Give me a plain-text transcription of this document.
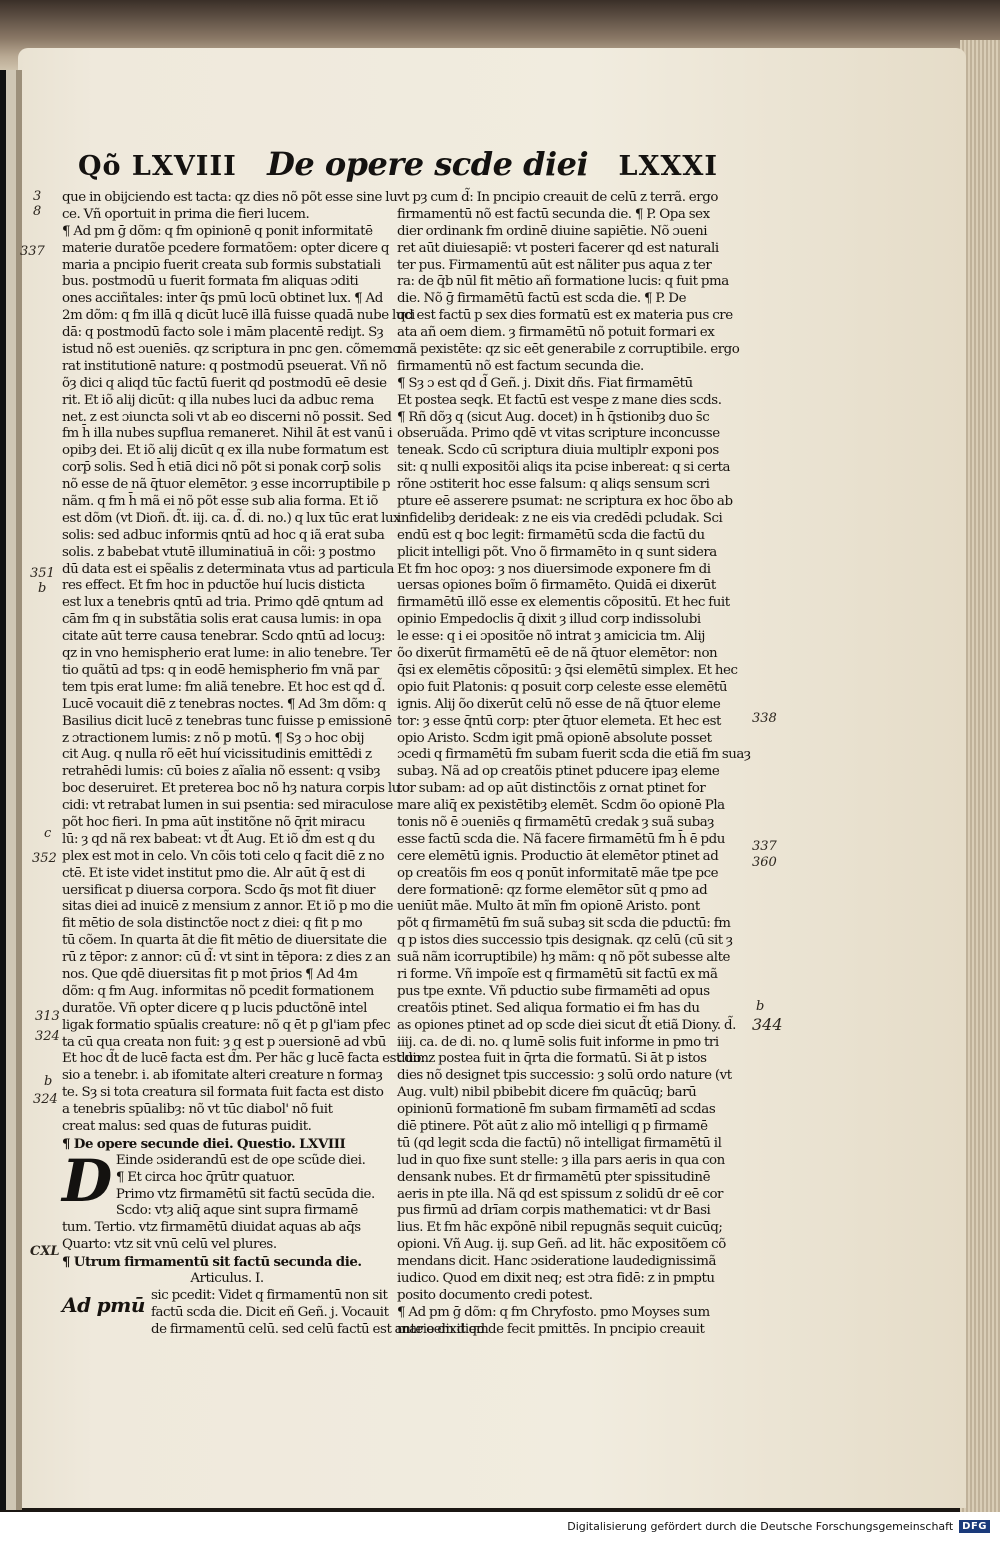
Qõ LXVIII De opere scde diei LXXXI
que in obijciendo est tacta: qz dies nõ põt esse sine lu
ce. Vñ oportuit in prima die fieri lucem.
¶ Ad pm ḡ dõm: q fm opinionē q ponit informitatē
materie duratõe pcedere formatõem: opter dicere q
maria a pncipio fuerit creata sub formis substatiali
bus. postmodū u fuerit formata fm aliquas ɔditi
ones acciñtales: inter q̄s pmū locū obtinet lux. ¶ Ad
2m dõm: q fm illā q dicūt lucē illā fuisse quadā nube luci
dā: q postmodū facto sole i mām placentē rediȷt. Sȝ
istud nõ est ɔueniēs. qz scriptura in pnc gen. cõmemo
rat institutionē nature: q postmodū pseuerat. Vñ nõ
õȝ dici q aliqd tūc factū fuerit qd postmodū eē desie
rit. Et iõ alij dicūt: q illa nubes luci da adbuc rema
net. z est ɔiuncta soli vt ab eo discerni nõ possit. Sed
fm h̄ illa nubes supflua remaneret. Nihil āt est vanū i
opibȝ dei. Et iõ alij dicūt q ex illa nube formatum est
corp̄ solis. Sed h̄ etiā dici nõ põt si ponak corp̄ solis
nõ esse de nã q̄tuor elemētor. ȝ esse incorruptibile p
nãm. q fm h̄ mã ei nõ põt esse sub alia forma. Et iõ
est dõm (vt Dioñ. d̃t. iij. ca. d̃. di. no.) q lux tūc erat lux
solis: sed adbuc informis qntū ad hoc q iã erat suba
solis. z babebat vtutē illuminatiuā in cõi: ȝ postmo
dū data est ei spẽalis z determinata vtus ad particula
res effect. Et fm hoc in pductõe huí lucis disticta
est lux a tenebris qntū ad tria. Primo qdē qntum ad
cām fm q in substãtia solis erat causa lumis: in opa
citate aūt terre causa tenebrar. Scdo qntū ad locuȝ:
qz in vno hemispherio erat lume: in alio tenebre. Ter
tio quãtū ad tps: q in eodē hemispherio fm vnã par
tem tpis erat lume: fm aliã tenebre. Et hoc est qd d̃.
Lucē vocauit diē z tenebras noctes. ¶ Ad 3m dõm: q
Basilius dicit lucē z tenebras tunc fuisse p emissionē
z ɔtractionem lumis: z nõ p motū. ¶ Sȝ ɔ hoc obij
cit Aug. q nulla rõ eēt huí vicissitudinis emittēdi z
retrahēdi lumis: cū boies z aĩalia nõ essent: q vsibȝ
boc deseruiret. Et preterea boc nõ hȝ natura corpis lu
cidi: vt retrabat lumen in sui psentia: sed miraculose
põt hoc fieri. In pma aūt institõne nõ q̄rit miracu
lū: ȝ qd nã rex babeat: vt d̃t Aug. Et iõ d̃m est q du
plex est mot in celo. Vn cõis toti celo q facit diē z no
ctē. Et iste videt institut pmo die. Alr aūt q̄ est di
uersificat p diuersa corpora. Scdo q̄s mot fit diuer
sitas diei ad inuicē z mensium z annor. Et iõ p mo die
fit mētio de sola distinctõe noct z diei: q fit p mo
tū cõem. In quarta āt die fit mētio de diuersitate die
rū z tēpor: z annor: cū d̃: vt sint in tēpora: z dies z an
nos. Que qdē diuersitas fit p mot p̄rios ¶ Ad 4m
dõm: q fm Aug. informitas nõ pcedit formationem
duratõe. Vñ opter dicere q p lucis pductõnē intel
ligak formatio spūalis creature: nõ q ēt p gl'iam pfec
ta cū qua creata non fuit: ȝ q est p ɔuersionē ad vbū
Et hoc d̃t de lucē facta est d̃m. Per hãc g lucē facta est dim
sio a tenebr. i. ab ifomitate alteri creature n formaȝ
te. Sȝ si tota creatura sil formata fuit facta est disto
a tenebris spūalibȝ: nõ vt tūc diabol' nõ fuit
creat malus: sed quas de futuras puidit.
¶ De opere secunde diei. Questio. LXVIII
D Einde ɔsiderandū est de ope scũde diei.
¶ Et circa hoc q̄rūtr quatuor.
Primo vtz firmamētū sit factū secūda die.
Scdo: vtȝ aliq̄ aque sint supra firmamē
tum. Tertio. vtz firmamētū diuidat aquas ab aq̄s
Quarto: vtz sit vnū celū vel plures.
¶ Utrum firmamentū sit factū secunda die.
Articulus. I.
Ad pmū sic pcedit: Videt q firmamentū non sit
factū scda die. Dicit eñ Geñ. j. Vocauit
de firmamentū celū. sed celū factū est ante oem diem
vt pȝ cum d̃: In pncipio creauit de celū z terrã. ergo
firmamentū nõ est factū secunda die. ¶ P. Opa sex
dier ordinank fm ordinē diuine sapiētie. Nõ ɔueni
ret aūt diuiesapiẽ: vt posteri facerer qd est naturali
ter pus. Firmamentū aūt est nãliter pus aqua z ter
ra: de q̄b nūl fit mētio añ formatione lucis: q fuit pma
die. Nõ ḡ firmamētū factū est scda die. ¶ P. De
qd est factū p sex dies formatū est ex materia pus cre
ata añ oem diem. ȝ firmamētū nõ potuit formari ex
mã pexistēte: qz sic eēt generabile z corruptibile. ergo
firmamentū nõ est factum secunda die.
¶ Sȝ ɔ est qd d̃ Geñ. j. Dixit dñs. Fiat firmamētū
Et postea seqk. Et factū est vespe z mane dies scds.
¶ Rñ dõȝ q (sicut Aug. docet) in h̄ q̄stionibȝ duo s̄c
obseruãda. Primo qdē vt vitas scripture inconcusse
teneak. Scdo cū scriptura diuia multiplr exponi pos
sit: q nulli expositõi aliqs ita pcise inbereat: q si certa
rõne ɔstiterit hoc esse falsum: q aliqs sensum scri
pture eē asserere psumat: ne scriptura ex hoc õbo ab
infidelibȝ derideak: z ne eis via credēdi pcludak. Sci
endū est q boc legit: firmamētū scda die factū du
plicit intelligi põt. Vno õ firmamēto in q sunt sidera
Et fm hoc opoȝ: ȝ nos diuersimode exponere fm di
uersas opiones boĩm õ firmamēto. Quidā ei dixerūt
firmamētū illõ esse ex elementis cõpositū. Et hec fuit
opinio Empedoclis q̄ dixit ȝ illud corp indissolubi
le esse: q i ei ɔpositõe nõ intrat ȝ amicicia tm. Alij
õo dixerūt firmamētū eē de nã q̄tuor elemētor: non
q̄si ex elemētis cõpositū: ȝ q̄si elemētū simplex. Et hec
opio fuit Platonis: q posuit corp celeste esse elemētū
ignis. Alij õo dixerūt celū nõ esse de nã q̄tuor eleme
tor: ȝ esse q̄ntū corp: pter q̄tuor elemeta. Et hec est
opio Aristo. Scdm igit pmã opionē absolute posset
ɔcedi q firmamētū fm subam fuerit scda die etiã fm suaȝ
subaȝ. Nã ad op creatõis ptinet pducere ipaȝ eleme
tor subam: ad op aūt distinctõis z ornat ptinet for
mare aliq̄ ex pexistētibȝ elemēt. Scdm õo opionē Pla
tonis nõ ē ɔueniēs q firmamētū credak ȝ suã subaȝ
esse factū scda die. Nã facere firmamētū fm h̄ ē pdu
cere elemētū ignis. Productio āt elemētor ptinet ad
op creatõis fm eos q ponūt informitatē mãe tpe pce
dere formationē: qz forme elemētor sūt q pmo ad
ueniūt mãe. Multo āt mĩn fm opionē Aristo. pont
põt q firmamētū fm suã subaȝ sit scda die pductū: fm
q p istos dies successio tpis designak. qz celū (cū sit ȝ
suã nãm icorruptibile) hȝ mãm: q nõ põt subesse alte
ri forme. Vñ impoĩe est q firmamētū sit factū ex mã
pus tpe exnte. Vñ pductio sube firmamēti ad opus
creatõis ptinet. Sed aliqua formatio ei fm has du
as opiones ptinet ad op scde diei sicut d̃t etiã Diony. d̃.
iiij. ca. de di. no. q lumē solis fuit informe in pmo tri
duo: z postea fuit in q̄rta die formatū. Si āt p istos
dies nõ designet tpis successio: ȝ solū ordo nature (vt
Aug. vult) nibil pbibebit dicere fm quācūq; barū
opinionū formationē fm subam firmamētī ad scdas
diē ptinere. Põt aūt z alio mõ intelligi q p firmamē
tū (qd legit scda die factū) nõ intelligat firmamētū il
lud in quo fixe sunt stelle: ȝ illa pars aeris in qua con
densank nubes. Et dr firmamētū pter spissitudinē
aeris in pte illa. Nã qd est spissum z solidū dr eē cor
pus firmū ad drīam corpis mathematici: vt dr Basi
lius. Et fm hãc expõnē nibil repugnãs sequit cuicūq;
opioni. Vñ Aug. ij. sup Geñ. ad lit. hãc expositõem cõ
mendans dicit. Hanc ɔsideratione laudedignissimã
iudico. Quod em dixit neq; est ɔtra fidē: z in pmptu
posito documento credi potest.
¶ Ad pm ḡ dõm: q fm Chryfosto. pmo Moyses sum
marie dixit qd de fecit pmittēs. In pncipio creauit
3
8
337
351
b
c
352
313
324
b
324
CXL
338
337
360
b
344
Digitalisierung gefördert durch die Deutsche Forschungsgemeinschaft DFG
